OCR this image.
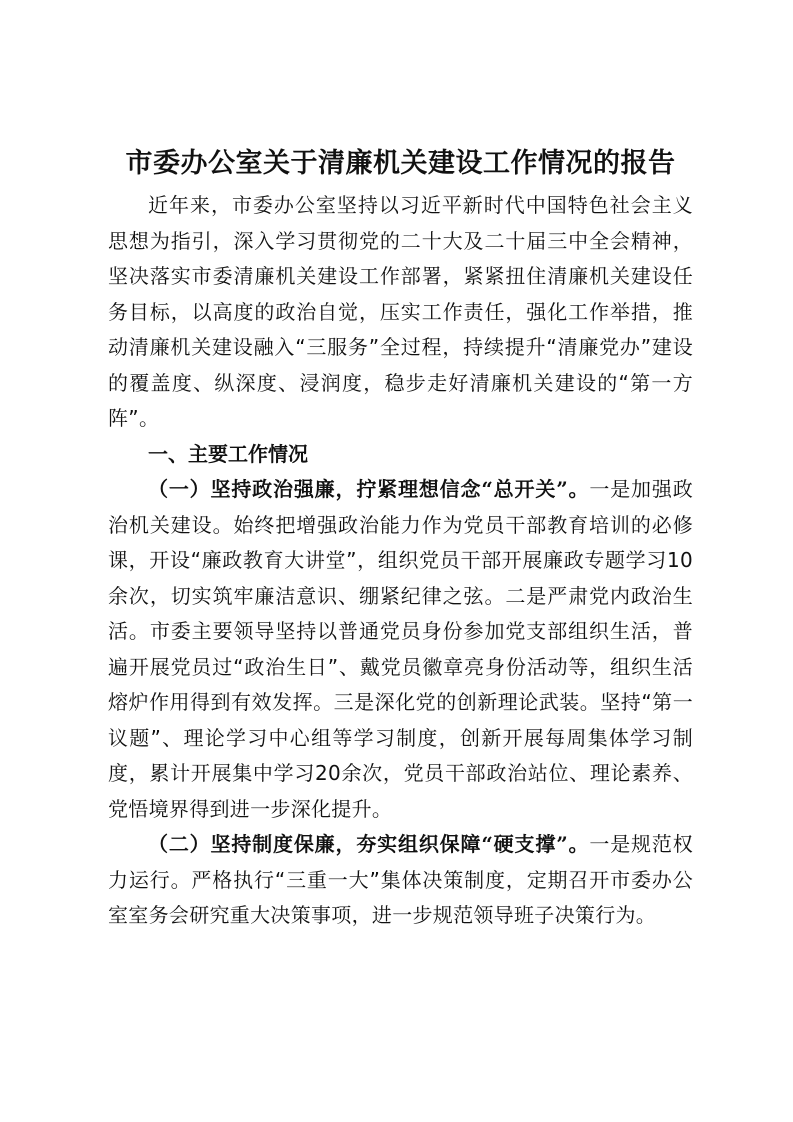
市委办公室关于清廉机关建设工作情况的报告

近年来，市委办公室坚持以习近平新时代中国特色社会主义思想为指引，深入学习贯彻党的二十大及二十届三中全会精神，坚决落实市委清廉机关建设工作部署，紧紧扭住清廉机关建设任务目标，以高度的政治自觉，压实工作责任，强化工作举措，推动清廉机关建设融入“三服务”全过程，持续提升“清廉党办”建设的覆盖度、纵深度、浸润度，稳步走好清廉机关建设的“第一方阵”。

一、主要工作情况

（一）坚持政治强廉，拧紧理想信念“总开关”。一是加强政治机关建设。始终把增强政治能力作为党员干部教育培训的必修课，开设“廉政教育大讲堂”，组织党员干部开展廉政专题学习10余次，切实筑牢廉洁意识、绷紧纪律之弦。二是严肃党内政治生活。市委主要领导坚持以普通党员身份参加党支部组织生活，普遍开展党员过“政治生日”、戴党员徽章亮身份活动等，组织生活熔炉作用得到有效发挥。三是深化党的创新理论武装。坚持“第一议题”、理论学习中心组等学习制度，创新开展每周集体学习制度，累计开展集中学习20余次，党员干部政治站位、理论素养、党悟境界得到进一步深化提升。

（二）坚持制度保廉，夯实组织保障“硬支撑”。一是规范权力运行。严格执行“三重一大”集体决策制度，定期召开市委办公室室务会研究重大决策事项，进一步规范领导班子决策行为。
